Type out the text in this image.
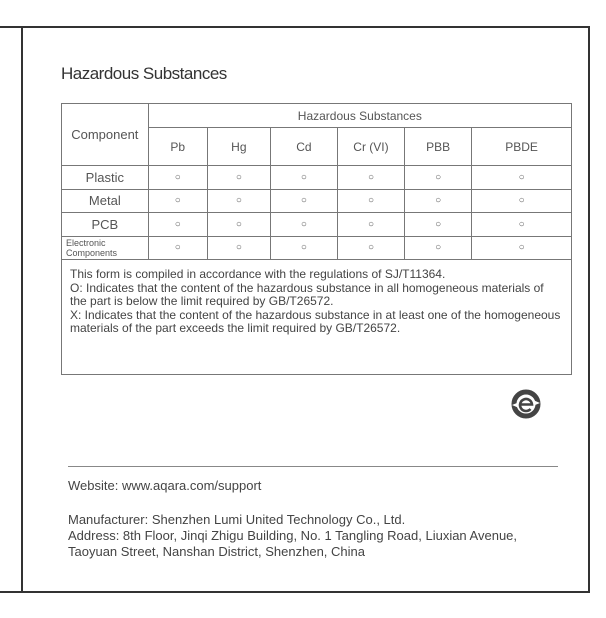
Hazardous Substances
Component	Hazardous Substances					
	Pb	Hg	Cd	Cr (VI)	PBB	PBDE
Plastic	○	○	○	○	○	○
Metal	○	○	○	○	○	○
PCB	○	○	○	○	○	○
Electronic Components	○	○	○	○	○	○

This form is compiled in accordance with the regulations of SJ/T11364.
O: Indicates that the content of the hazardous substance in all homogeneous materials of the part is below the limit required by GB/T26572.
X: Indicates that the content of the hazardous substance in at least one of the homogeneous materials of the part exceeds the limit required by GB/T26572.						
Website: www.aqara.com/support
Manufacturer: Shenzhen Lumi United Technology Co., Ltd.
Address: 8th Floor, Jinqi Zhigu Building, No. 1 Tangling Road, Liuxian Avenue, Taoyuan Street, Nanshan District, Shenzhen, China
